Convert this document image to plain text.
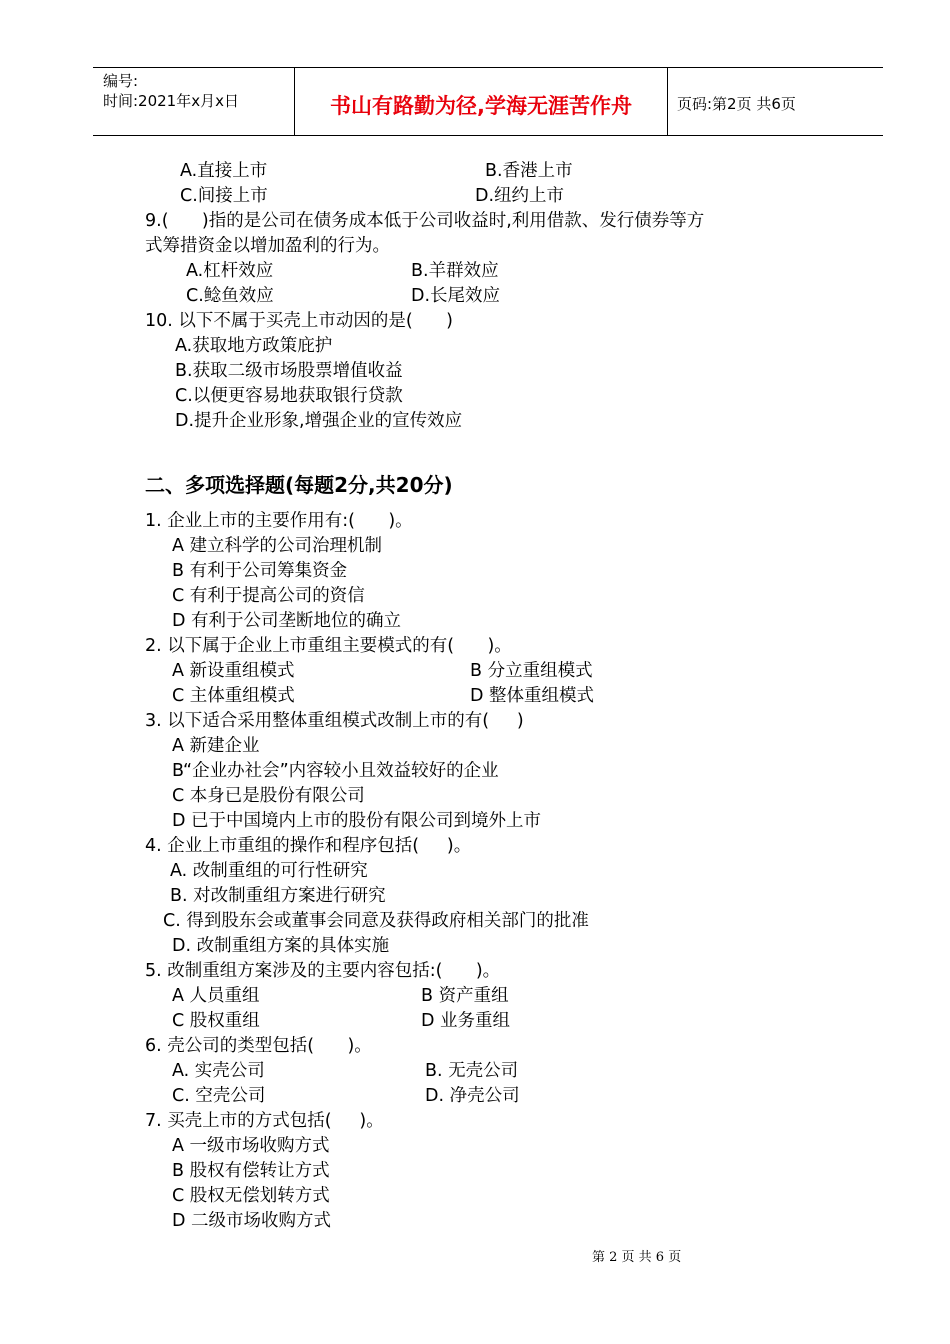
编号:
时间:2021年x月x日	书山有路勤为径,学海无涯苦作舟	页码:第2页 共6页
A.直接上市	B.香港上市
C.间接上市	D.纽约上市
9.(      )指的是公司在债务成本低于公司收益时,利用借款、发行债券等方
式筹措资金以增加盈利的行为。
A.杠杆效应	B.羊群效应
C.鲶鱼效应	D.长尾效应
10. 以下不属于买壳上市动因的是(      )
A.获取地方政策庇护
B.获取二级市场股票增值收益
C.以便更容易地获取银行贷款
D.提升企业形象,增强企业的宣传效应
二、多项选择题(每题2分,共20分)
1. 企业上市的主要作用有:(      )。
A 建立科学的公司治理机制
B 有利于公司筹集资金
C 有利于提高公司的资信
D 有利于公司垄断地位的确立
2. 以下属于企业上市重组主要模式的有(      )。
A 新设重组模式	B 分立重组模式
C 主体重组模式	D 整体重组模式
3. 以下适合采用整体重组模式改制上市的有(     )
A 新建企业
B“企业办社会”内容较小且效益较好的企业
C 本身已是股份有限公司
D 已于中国境内上市的股份有限公司到境外上市
4. 企业上市重组的操作和程序包括(     )。
A. 改制重组的可行性研究
B. 对改制重组方案进行研究
C. 得到股东会或董事会同意及获得政府相关部门的批准
D. 改制重组方案的具体实施
5. 改制重组方案涉及的主要内容包括:(      )。
A 人员重组	B 资产重组
C 股权重组	D 业务重组
6. 壳公司的类型包括(      )。
A. 实壳公司	B. 无壳公司
C. 空壳公司	D. 净壳公司
7. 买壳上市的方式包括(     )。
A 一级市场收购方式
B 股权有偿转让方式
C 股权无偿划转方式
D 二级市场收购方式
第 2 页 共 6 页
